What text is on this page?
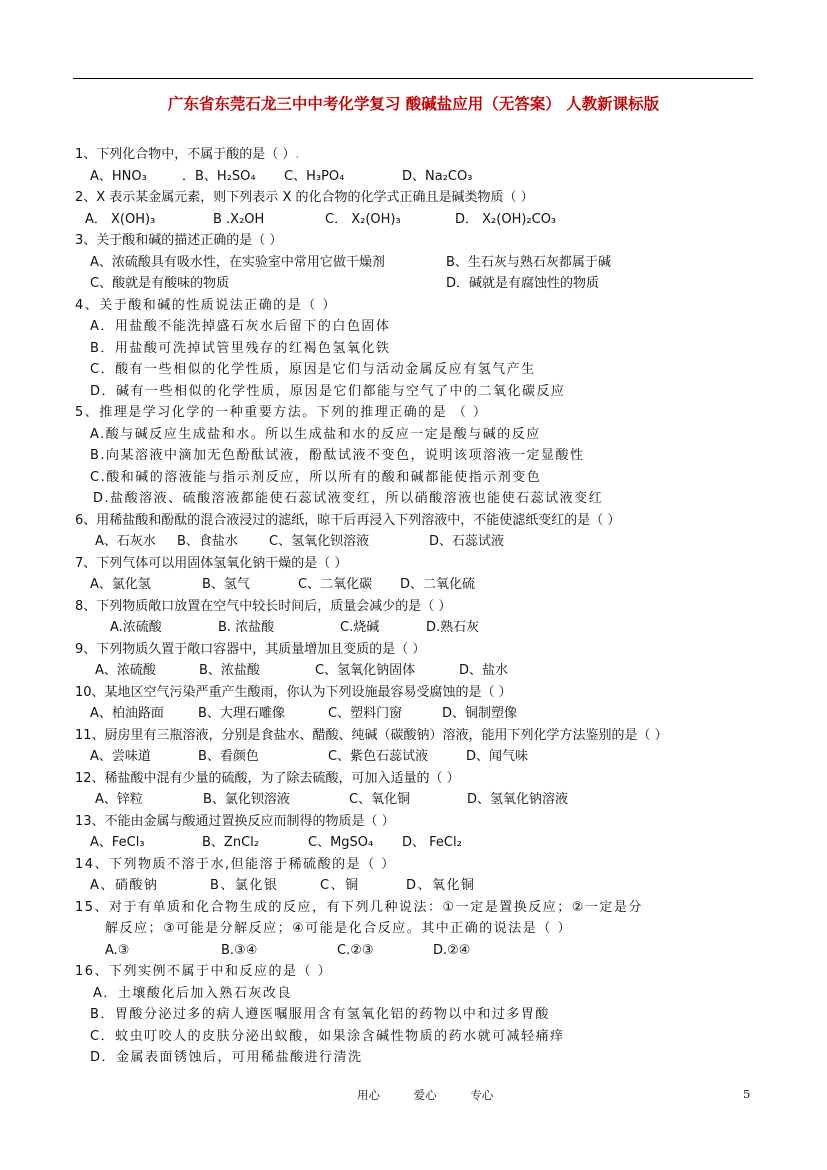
广东省东莞石龙三中中考化学复习 酸碱盐应用（无答案） 人教新课标版
1、下列化合物中，不属于酸的是（ ）.
A、HNO₃	．B、H₂SO₄	C、H₃PO₄	D、Na₂CO₃
2、X 表示某金属元素，则下列表示 X 的化合物的化学式正确且是碱类物质（ ）
A． X(OH)₃	B .X₂OH	C． X₂(OH)₃	D． X₂(OH)₂CO₃
3、关于酸和碱的描述正确的是（ ）
A、浓硫酸具有吸水性，在实验室中常用它做干燥剂	B、生石灰与熟石灰都属于碱
C、酸就是有酸味的物质	D．碱就是有腐蚀性的物质
4、关于酸和碱的性质说法正确的是（ ）
A．用盐酸不能洗掉盛石灰水后留下的白色固体
B．用盐酸可洗掉试管里残存的红褐色氢氧化铁
C．酸有一些相似的化学性质，原因是它们与活动金属反应有氢气产生
D．碱有一些相似的化学性质，原因是它们都能与空气了中的二氧化碳反应
5、推理是学习化学的一种重要方法。下列的推理正确的是 （ ）
A.酸与碱反应生成盐和水。所以生成盐和水的反应一定是酸与碱的反应
B.向某溶液中滴加无色酚酞试液，酚酞试液不变色，说明该项溶液一定显酸性
C.酸和碱的溶液能与指示剂反应，所以所有的酸和碱都能使指示剂变色
D.盐酸溶液、硫酸溶液都能使石蕊试液变红，所以硝酸溶液也能使石蕊试液变红
6、用稀盐酸和酚酞的混合液浸过的滤纸，晾干后再浸入下列溶液中，不能使滤纸变红的是（ ）
A、石灰水	B、食盐水	C、氢氧化钡溶液	D、石蕊试液
7、下列气体可以用固体氢氧化钠干燥的是（ ）
A、氯化氢	B、氢气	C、二氧化碳	D、二氧化硫
8、下列物质敞口放置在空气中较长时间后，质量会减少的是（ ）
A.浓硫酸	B. 浓盐酸	C.烧碱	D.熟石灰
9、下列物质久置于敞口容器中，其质量增加且变质的是（ ）
A、浓硫酸	B、浓盐酸	C、氢氧化钠固体	D、盐水
10、某地区空气污染严重产生酸雨，你认为下列设施最容易受腐蚀的是（ ）
A、柏油路面	B、大理石雕像	C、塑料门窗	D、铜制塑像
11、厨房里有三瓶溶液，分别是食盐水、醋酸、纯碱（碳酸钠）溶液，能用下列化学方法鉴别的是（ ）
A、尝味道	B、看颜色	C、紫色石蕊试液	D、闻气味
12、稀盐酸中混有少量的硫酸，为了除去硫酸，可加入适量的（ ）
A、锌粒	B、氯化钡溶液	C、氧化铜	D、氢氧化钠溶液
13、不能由金属与酸通过置换反应而制得的物质是（ ）
A、FeCl₃	B、ZnCl₂	C、MgSO₄	D、 FeCl₂
14、下列物质不溶于水,但能溶于稀硫酸的是（ ）
A、硝酸钠	B、氯化银	C、铜	D、氧化铜
15、对于有单质和化合物生成的反应，有下列几种说法：①一定是置换反应；②一定是分
解反应；③可能是分解反应；④可能是化合反应。其中正确的说法是（ ）
A.③	B.③④	C.②③	D.②④
16、下列实例不属于中和反应的是（ ）
A．土壤酸化后加入熟石灰改良
B．胃酸分泌过多的病人遵医嘱服用含有氢氧化铝的药物以中和过多胃酸
C．蚊虫叮咬人的皮肤分泌出蚁酸，如果涂含碱性物质的药水就可减轻痛痒
D．金属表面锈蚀后，可用稀盐酸进行清洗
用心	爱心	专心	5
